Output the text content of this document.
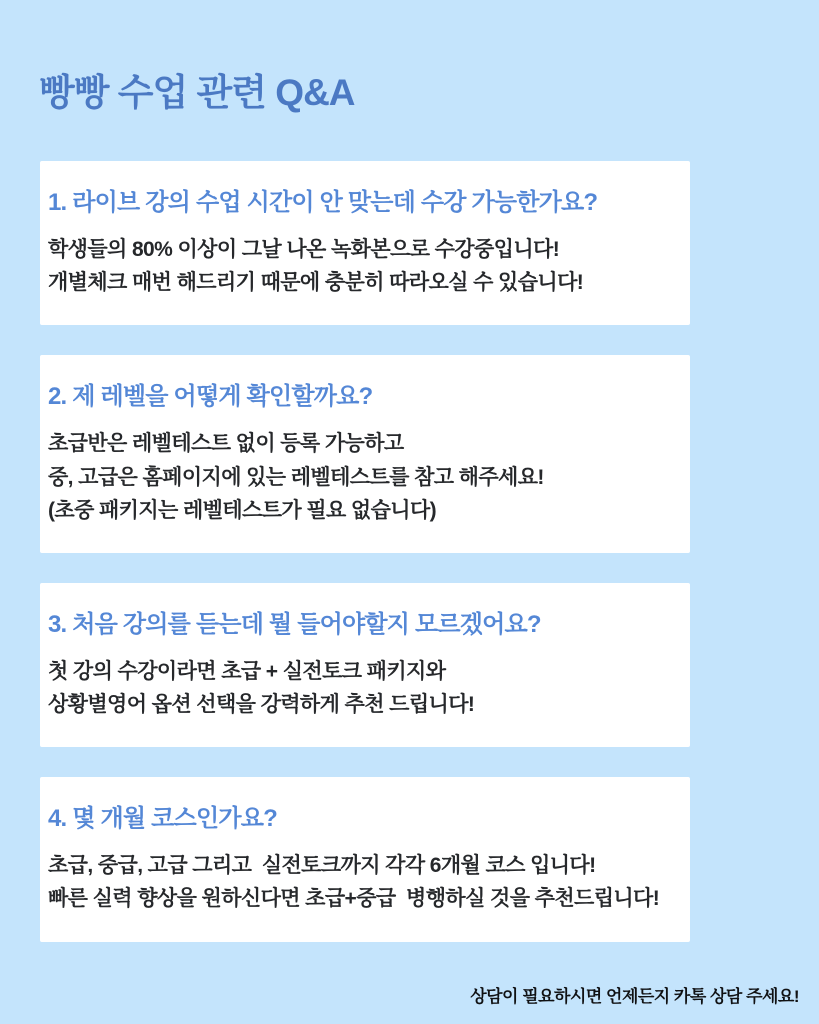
빵빵 수업 관련 Q&A
1. 라이브 강의 수업 시간이 안 맞는데 수강 가능한가요?

학생들의 80% 이상이 그날 나온 녹화본으로 수강중입니다!

개별체크 매번 해드리기 때문에 충분히 따라오실 수 있습니다!

2. 제 레벨을 어떻게 확인할까요?

초급반은 레벨테스트 없이 등록 가능하고

중, 고급은 홈페이지에 있는 레벨테스트를 참고 해주세요!

(초중 패키지는 레벨테스트가 필요 없습니다)

3. 처음 강의를 듣는데 뭘 들어야할지 모르겠어요?

첫 강의 수강이라면 초급 + 실전토크 패키지와

상황별영어 옵션 선택을 강력하게 추천 드립니다!

4. 몇 개월 코스인가요?

초급, 중급, 고급 그리고  실전토크까지 각각 6개월 코스 입니다!

빠른 실력 향상을 원하신다면 초급+중급  병행하실 것을 추천드립니다!

상담이 필요하시면 언제든지 카톡 상담 주세요!
